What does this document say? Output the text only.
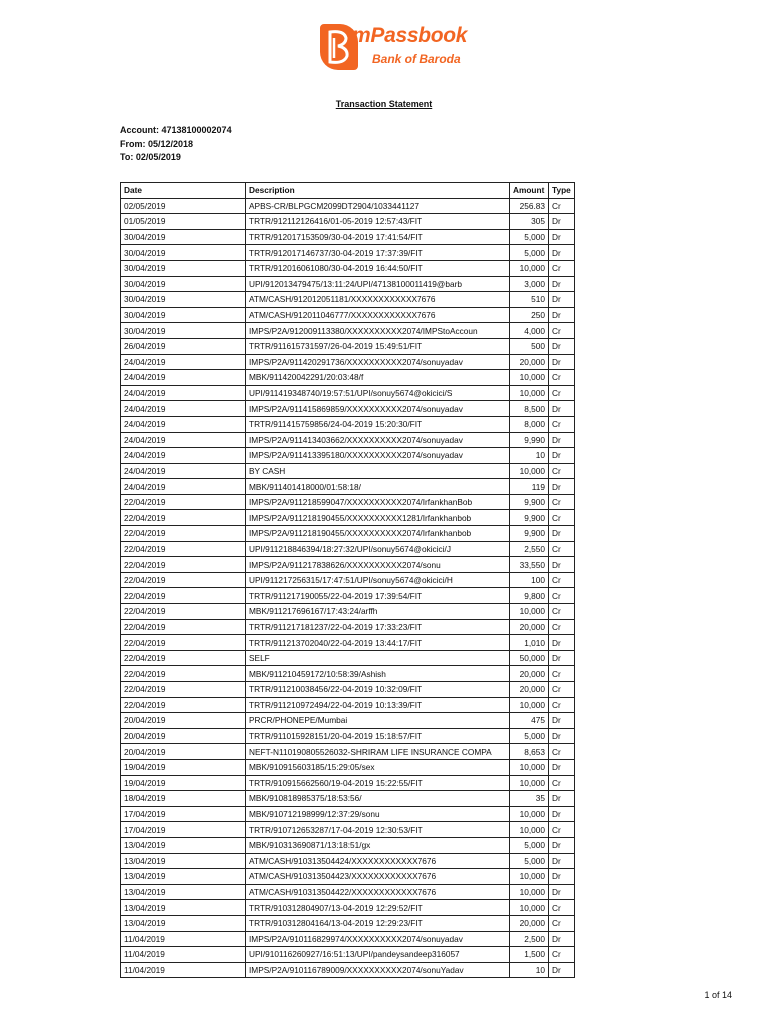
mPassbook
Bank of Baroda
Transaction Statement
Account: 47138100002074
From: 05/12/2018
To: 02/05/2019
Date	Description	Amount	Type
02/05/2019	APBS-CR/BLPGCM2099DT2904/1033441127	256.83	Cr
01/05/2019	TRTR/912112126416/01-05-2019 12:57:43/FIT	305	Dr
30/04/2019	TRTR/912017153509/30-04-2019 17:41:54/FIT	5,000	Dr
30/04/2019	TRTR/912017146737/30-04-2019 17:37:39/FIT	5,000	Dr
30/04/2019	TRTR/912016061080/30-04-2019 16:44:50/FIT	10,000	Cr
30/04/2019	UPI/912013479475/13:11:24/UPI/47138100011419@barb	3,000	Dr
30/04/2019	ATM/CASH/912012051181/XXXXXXXXXXXX7676	510	Dr
30/04/2019	ATM/CASH/912011046777/XXXXXXXXXXXX7676	250	Dr
30/04/2019	IMPS/P2A/912009113380/XXXXXXXXXX2074/IMPStoAccoun	4,000	Cr
26/04/2019	TRTR/911615731597/26-04-2019 15:49:51/FIT	500	Dr
24/04/2019	IMPS/P2A/911420291736/XXXXXXXXXX2074/sonuyadav	20,000	Dr
24/04/2019	MBK/911420042291/20:03:48/f	10,000	Cr
24/04/2019	UPI/911419348740/19:57:51/UPI/sonuy5674@okicici/S	10,000	Cr
24/04/2019	IMPS/P2A/911415869859/XXXXXXXXXX2074/sonuyadav	8,500	Dr
24/04/2019	TRTR/911415759856/24-04-2019 15:20:30/FIT	8,000	Cr
24/04/2019	IMPS/P2A/911413403662/XXXXXXXXXX2074/sonuyadav	9,990	Dr
24/04/2019	IMPS/P2A/911413395180/XXXXXXXXXX2074/sonuyadav	10	Dr
24/04/2019	BY CASH	10,000	Cr
24/04/2019	MBK/911401418000/01:58:18/	119	Dr
22/04/2019	IMPS/P2A/911218599047/XXXXXXXXXX2074/IrfankhanBob	9,900	Cr
22/04/2019	IMPS/P2A/911218190455/XXXXXXXXXX1281/Irfankhanbob	9,900	Cr
22/04/2019	IMPS/P2A/911218190455/XXXXXXXXXX2074/Irfankhanbob	9,900	Dr
22/04/2019	UPI/911218846394/18:27:32/UPI/sonuy5674@okicici/J	2,550	Cr
22/04/2019	IMPS/P2A/911217838626/XXXXXXXXXX2074/sonu	33,550	Dr
22/04/2019	UPI/911217256315/17:47:51/UPI/sonuy5674@okicici/H	100	Cr
22/04/2019	TRTR/911217190055/22-04-2019 17:39:54/FIT	9,800	Cr
22/04/2019	MBK/911217696167/17:43:24/arffh	10,000	Cr
22/04/2019	TRTR/911217181237/22-04-2019 17:33:23/FIT	20,000	Cr
22/04/2019	TRTR/911213702040/22-04-2019 13:44:17/FIT	1,010	Dr
22/04/2019	SELF	50,000	Dr
22/04/2019	MBK/911210459172/10:58:39/Ashish	20,000	Cr
22/04/2019	TRTR/911210038456/22-04-2019 10:32:09/FIT	20,000	Cr
22/04/2019	TRTR/911210972494/22-04-2019 10:13:39/FIT	10,000	Cr
20/04/2019	PRCR/PHONEPE/Mumbai	475	Dr
20/04/2019	TRTR/911015928151/20-04-2019 15:18:57/FIT	5,000	Dr
20/04/2019	NEFT-N110190805526032-SHRIRAM LIFE INSURANCE COMPA	8,653	Cr
19/04/2019	MBK/910915603185/15:29:05/sex	10,000	Dr
19/04/2019	TRTR/910915662560/19-04-2019 15:22:55/FIT	10,000	Cr
18/04/2019	MBK/910818985375/18:53:56/	35	Dr
17/04/2019	MBK/910712198999/12:37:29/sonu	10,000	Dr
17/04/2019	TRTR/910712653287/17-04-2019 12:30:53/FIT	10,000	Cr
13/04/2019	MBK/910313690871/13:18:51/gx	5,000	Dr
13/04/2019	ATM/CASH/910313504424/XXXXXXXXXXXX7676	5,000	Dr
13/04/2019	ATM/CASH/910313504423/XXXXXXXXXXXX7676	10,000	Dr
13/04/2019	ATM/CASH/910313504422/XXXXXXXXXXXX7676	10,000	Dr
13/04/2019	TRTR/910312804907/13-04-2019 12:29:52/FIT	10,000	Cr
13/04/2019	TRTR/910312804164/13-04-2019 12:29:23/FIT	20,000	Cr
11/04/2019	IMPS/P2A/910116829974/XXXXXXXXXX2074/sonuyadav	2,500	Dr
11/04/2019	UPI/910116260927/16:51:13/UPI/pandeysandeep316057	1,500	Cr
11/04/2019	IMPS/P2A/910116789009/XXXXXXXXXX2074/sonuYadav	10	Dr
1 of 14
